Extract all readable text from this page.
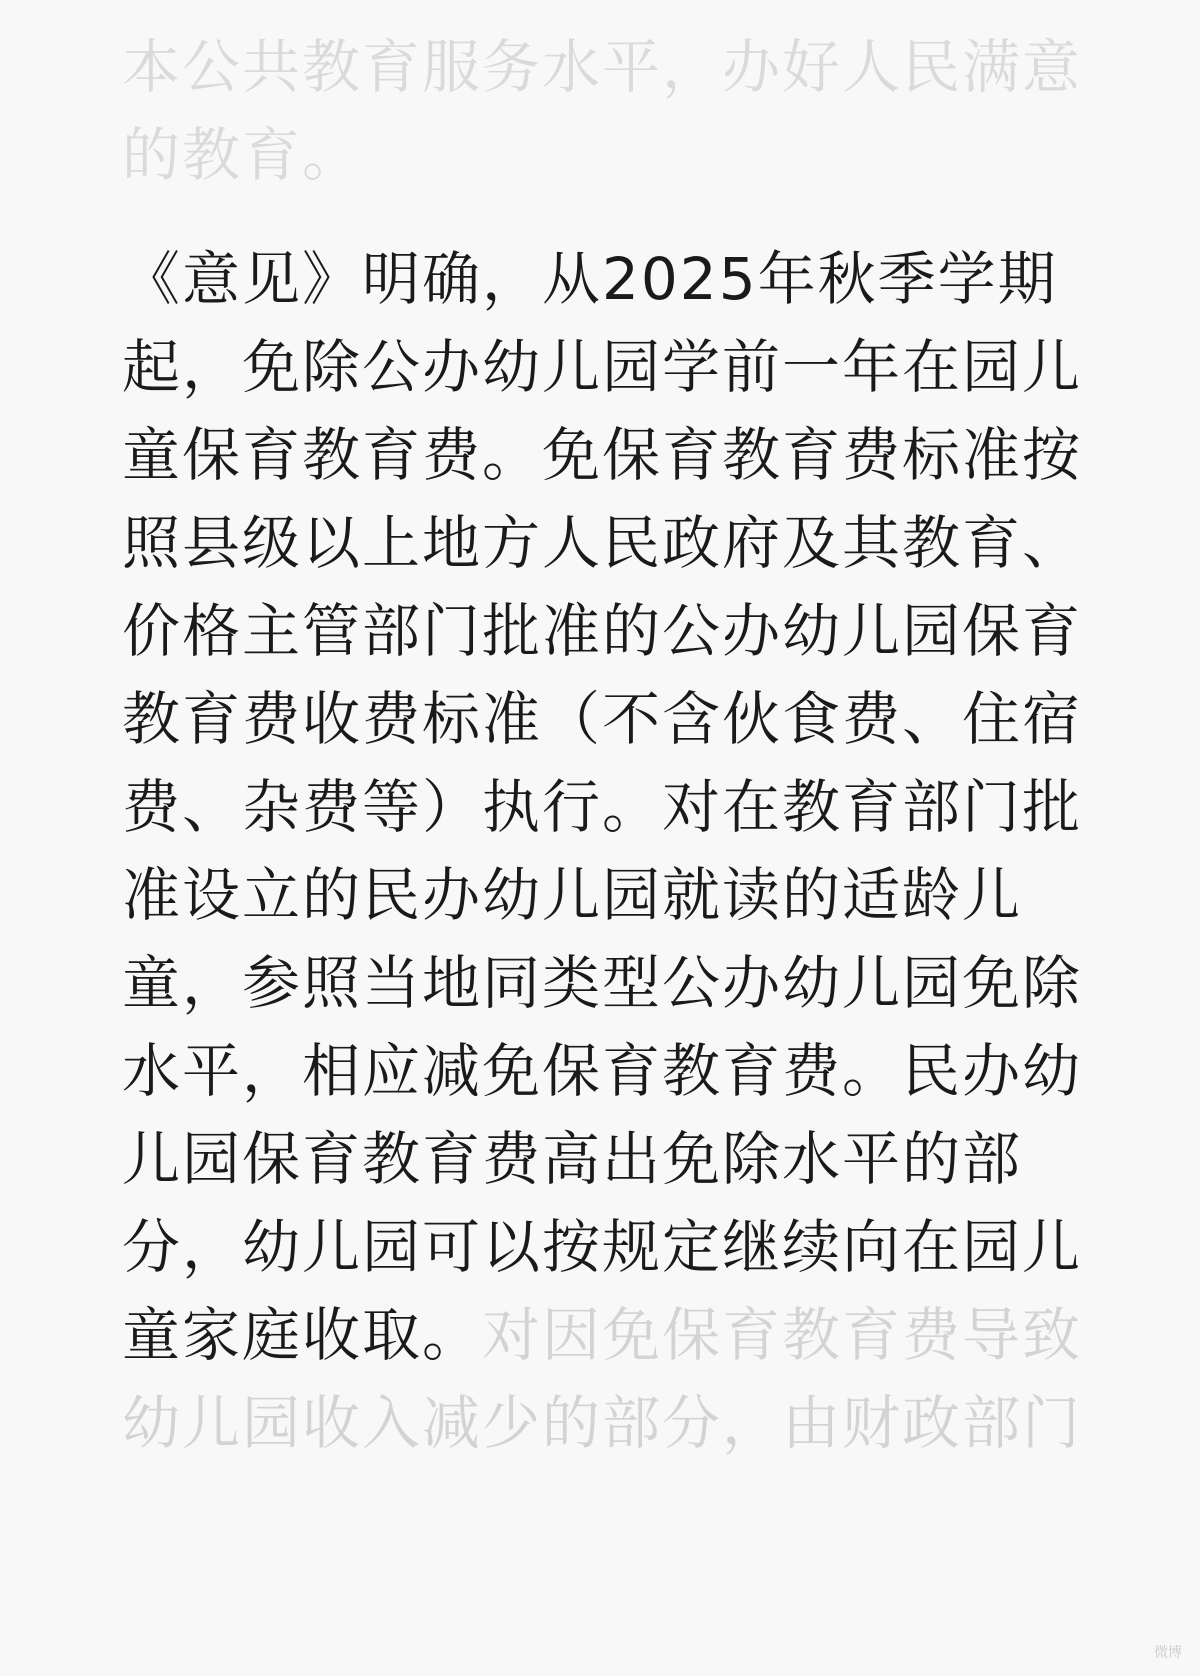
本公共教育服务水平，办好人民满意
的教育。
《意见》明确，从2025年秋季学期
起，免除公办幼儿园学前一年在园儿
童保育教育费。免保育教育费标准按
照县级以上地方人民政府及其教育、
价格主管部门批准的公办幼儿园保育
教育费收费标准（不含伙食费、住宿
费、杂费等）执行。对在教育部门批
准设立的民办幼儿园就读的适龄儿
童，参照当地同类型公办幼儿园免除
水平，相应减免保育教育费。民办幼
儿园保育教育费高出免除水平的部
分，幼儿园可以按规定继续向在园儿
童家庭收取。对因免保育教育费导致
幼儿园收入减少的部分，由财政部门
微博
